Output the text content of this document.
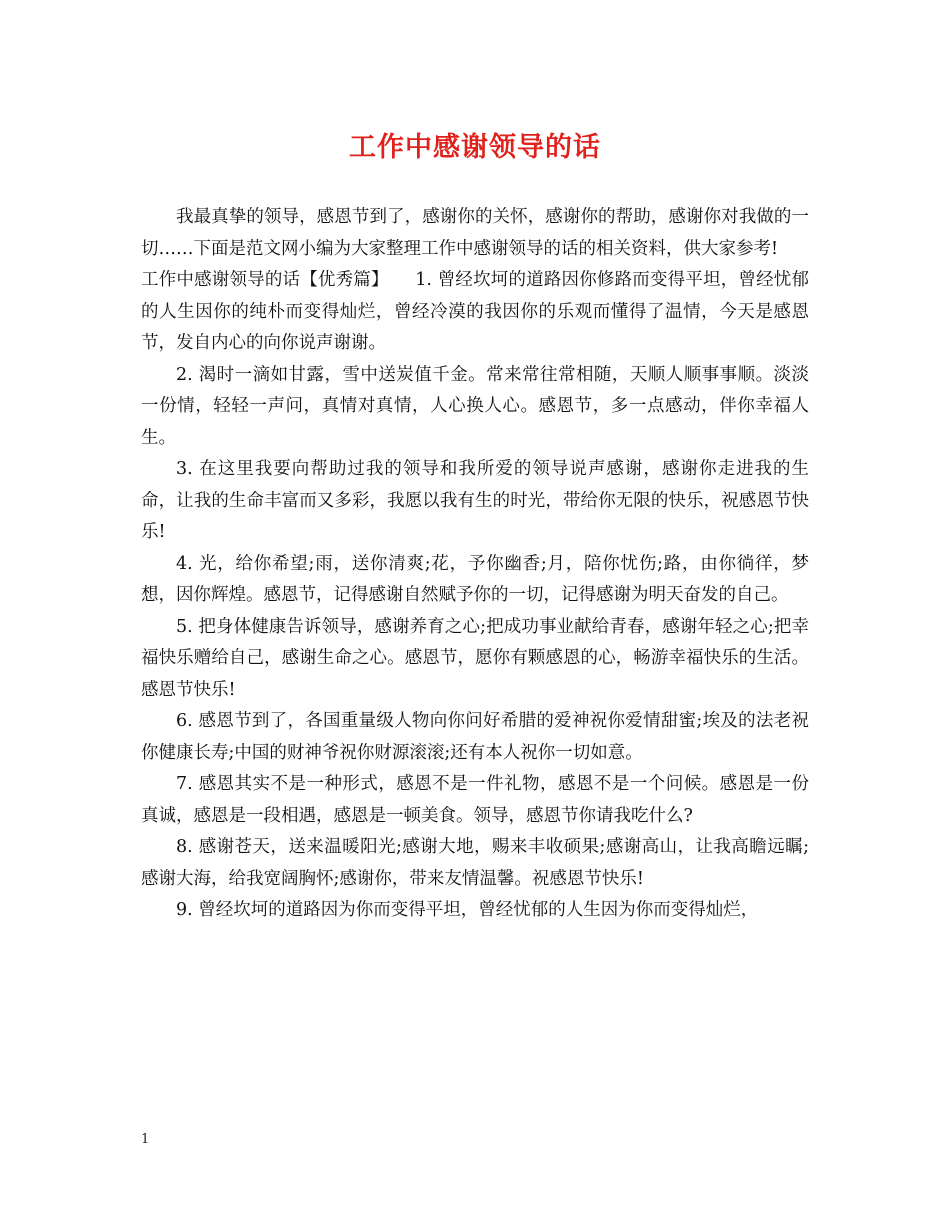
工作中感谢领导的话

我最真挚的领导，感恩节到了，感谢你的关怀，感谢你的帮助，感谢你对我做的一切……下面是范文网小编为大家整理工作中感谢领导的话的相关资料，供大家参考!

工作中感谢领导的话【优秀篇】　　1. 曾经坎坷的道路因你修路而变得平坦，曾经忧郁的人生因你的纯朴而变得灿烂，曾经冷漠的我因你的乐观而懂得了温情，今天是感恩节，发自内心的向你说声谢谢。

2. 渴时一滴如甘露，雪中送炭值千金。常来常往常相随，天顺人顺事事顺。淡淡一份情，轻轻一声问，真情对真情，人心换人心。感恩节，多一点感动，伴你幸福人生。

3. 在这里我要向帮助过我的领导和我所爱的领导说声感谢，感谢你走进我的生命，让我的生命丰富而又多彩，我愿以我有生的时光，带给你无限的快乐，祝感恩节快乐!

4. 光，给你希望;雨，送你清爽;花，予你幽香;月，陪你忧伤;路，由你徜徉，梦想，因你辉煌。感恩节，记得感谢自然赋予你的一切，记得感谢为明天奋发的自己。

5. 把身体健康告诉领导，感谢养育之心;把成功事业献给青春，感谢年轻之心;把幸福快乐赠给自己，感谢生命之心。感恩节，愿你有颗感恩的心，畅游幸福快乐的生活。感恩节快乐!

6. 感恩节到了，各国重量级人物向你问好希腊的爱神祝你爱情甜蜜;埃及的法老祝你健康长寿;中国的财神爷祝你财源滚滚;还有本人祝你一切如意。

7. 感恩其实不是一种形式，感恩不是一件礼物，感恩不是一个问候。感恩是一份真诚，感恩是一段相遇，感恩是一顿美食。领导，感恩节你请我吃什么?

8. 感谢苍天，送来温暖阳光;感谢大地，赐来丰收硕果;感谢高山，让我高瞻远瞩;感谢大海，给我宽阔胸怀;感谢你，带来友情温馨。祝感恩节快乐!

9. 曾经坎坷的道路因为你而变得平坦，曾经忧郁的人生因为你而变得灿烂，

1
